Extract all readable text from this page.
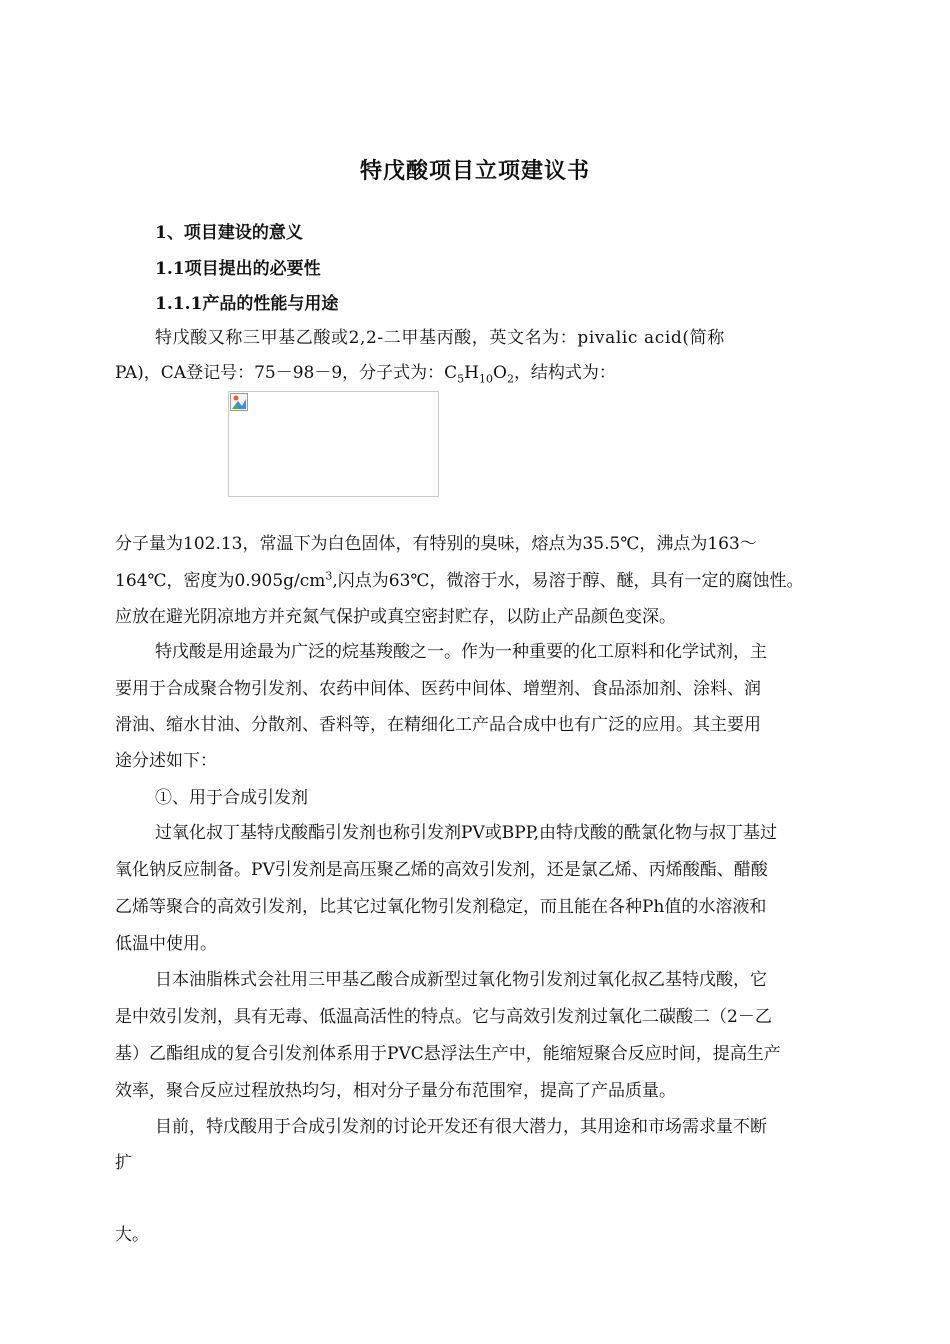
特戊酸项目立项建议书
1、项目建设的意义
1.1项目提出的必要性
1.1.1产品的性能与用途
特戊酸又称三甲基乙酸或2,2-二甲基丙酸，英文名为：pivalic acid(简称
PA)，CA登记号：75－98－9，分子式为：$C_5H_{10}O_2$，结构式为：
分子量为102.13，常温下为白色固体，有特别的臭味，熔点为35.5℃，沸点为163～
164℃，密度为$0.905g/cm^3$,闪点为63℃，微溶于水，易溶于醇、醚，具有一定的腐蚀性。
应放在避光阴凉地方并充氮气保护或真空密封贮存，以防止产品颜色变深。
特戊酸是用途最为广泛的烷基羧酸之一。作为一种重要的化工原料和化学试剂，主
要用于合成聚合物引发剂、农药中间体、医药中间体、增塑剂、食品添加剂、涂料、润
滑油、缩水甘油、分散剂、香料等，在精细化工产品合成中也有广泛的应用。其主要用
途分述如下：
①、用于合成引发剂
过氧化叔丁基特戊酸酯引发剂也称引发剂PV或BPP,由特戊酸的酰氯化物与叔丁基过
氧化钠反应制备。PV引发剂是高压聚乙烯的高效引发剂，还是氯乙烯、丙烯酸酯、醋酸
乙烯等聚合的高效引发剂，比其它过氧化物引发剂稳定，而且能在各种Ph值的水溶液和
低温中使用。
日本油脂株式会社用三甲基乙酸合成新型过氧化物引发剂过氧化叔乙基特戊酸，它
是中效引发剂，具有无毒、低温高活性的特点。它与高效引发剂过氧化二碳酸二（2－乙
基）乙酯组成的复合引发剂体系用于PVC悬浮法生产中，能缩短聚合反应时间，提高生产
效率，聚合反应过程放热均匀，相对分子量分布范围窄，提高了产品质量。
目前，特戊酸用于合成引发剂的讨论开发还有很大潜力，其用途和市场需求量不断
扩
大。
